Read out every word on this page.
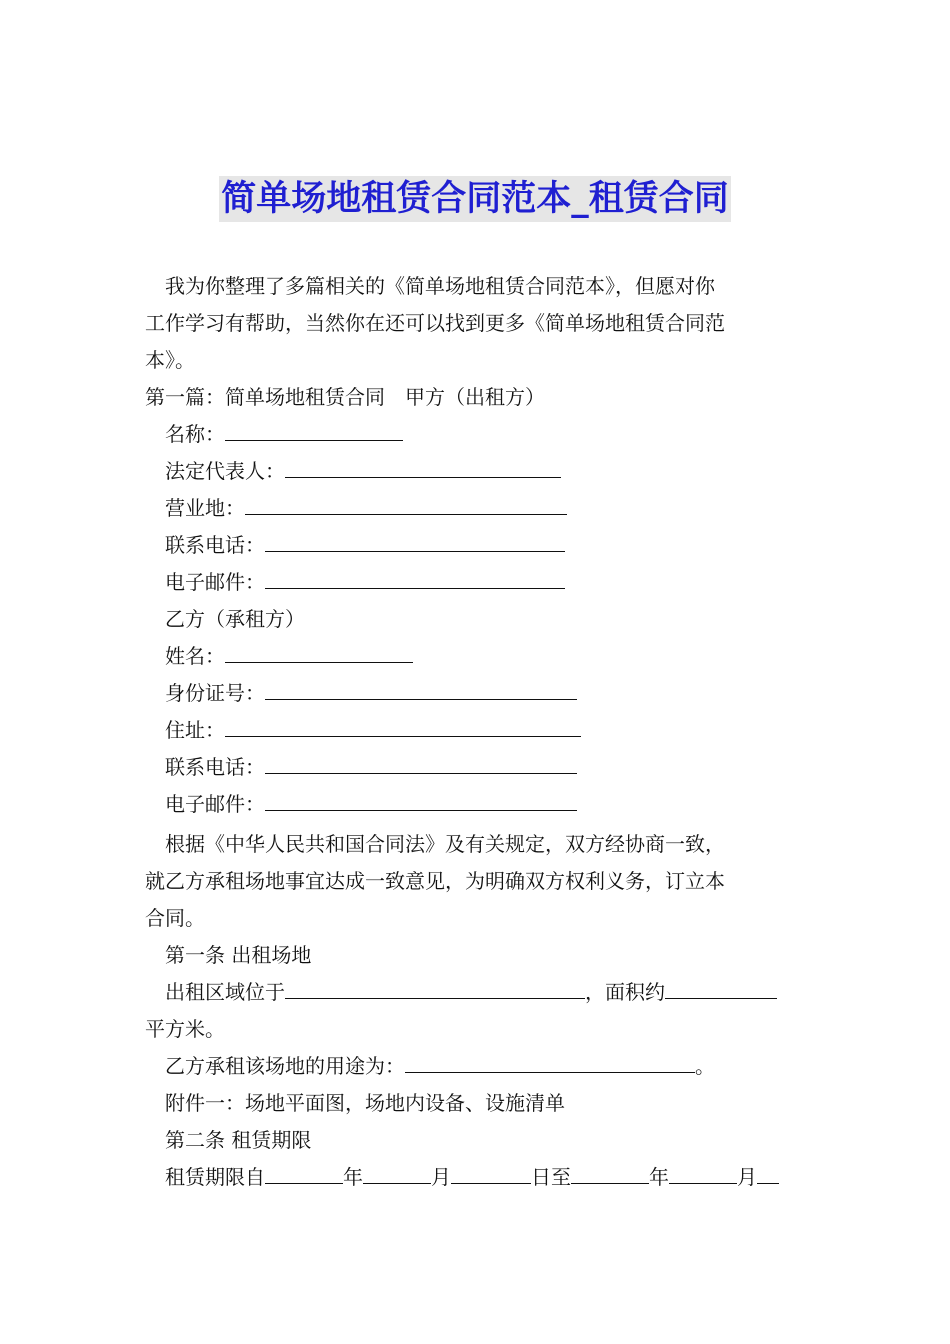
简单场地租赁合同范本_租赁合同
我为你整理了多篇相关的《简单场地租赁合同范本》，但愿对你
工作学习有帮助，当然你在还可以找到更多《简单场地租赁合同范
本》。
第一篇：简单场地租赁合同　甲方（出租方）
名称：
法定代表人：
营业地：
联系电话：
电子邮件：
乙方（承租方）
姓名：
身份证号：
住址：
联系电话：
电子邮件：
根据《中华人民共和国合同法》及有关规定，双方经协商一致，
就乙方承租场地事宜达成一致意见，为明确双方权利义务，订立本
合同。
第一条 出租场地
出租区域位于	，面积约
平方米。
乙方承租该场地的用途为：	。
附件一：场地平面图，场地内设备、设施清单
第二条 租赁期限
租赁期限自	年	月	日至	年	月
